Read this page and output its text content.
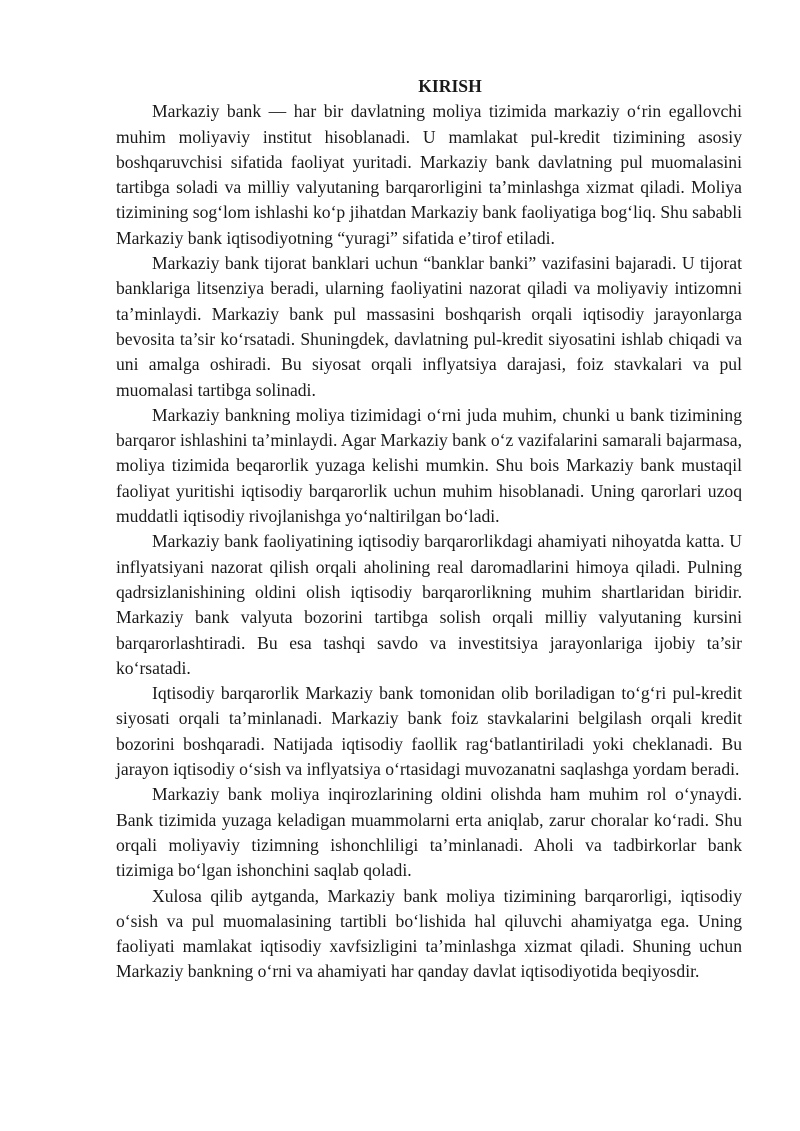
KIRISH

Markaziy bank — har bir davlatning moliya tizimida markaziy o‘rin egallovchi muhim moliyaviy institut hisoblanadi. U mamlakat pul-kredit tizimining asosiy boshqaruvchisi sifatida faoliyat yuritadi. Markaziy bank davlatning pul muomalasini tartibga soladi va milliy valyutaning barqarorligini ta’minlashga xizmat qiladi. Moliya tizimining sog‘lom ishlashi ko‘p jihatdan Markaziy bank faoliyatiga bog‘liq. Shu sababli Markaziy bank iqtisodiyotning “yuragi” sifatida e’tirof etiladi.

Markaziy bank tijorat banklari uchun “banklar banki” vazifasini bajaradi. U tijorat banklariga litsenziya beradi, ularning faoliyatini nazorat qiladi va moliyaviy intizomni ta’minlaydi. Markaziy bank pul massasini boshqarish orqali iqtisodiy jarayonlarga bevosita ta’sir ko‘rsatadi. Shuningdek, davlatning pul-kredit siyosatini ishlab chiqadi va uni amalga oshiradi. Bu siyosat orqali inflyatsiya darajasi, foiz stavkalari va pul muomalasi tartibga solinadi.

Markaziy bankning moliya tizimidagi o‘rni juda muhim, chunki u bank tizimining barqaror ishlashini ta’minlaydi. Agar Markaziy bank o‘z vazifalarini samarali bajarmasa, moliya tizimida beqarorlik yuzaga kelishi mumkin. Shu bois Markaziy bank mustaqil faoliyat yuritishi iqtisodiy barqarorlik uchun muhim hisoblanadi. Uning qarorlari uzoq muddatli iqtisodiy rivojlanishga yo‘naltirilgan bo‘ladi.

Markaziy bank faoliyatining iqtisodiy barqarorlikdagi ahamiyati nihoyatda katta. U inflyatsiyani nazorat qilish orqali aholining real daromadlarini himoya qiladi. Pulning qadrsizlanishining oldini olish iqtisodiy barqarorlikning muhim shartlaridan biridir. Markaziy bank valyuta bozorini tartibga solish orqali milliy valyutaning kursini barqarorlashtiradi. Bu esa tashqi savdo va investitsiya jarayonlariga ijobiy ta’sir ko‘rsatadi.

Iqtisodiy barqarorlik Markaziy bank tomonidan olib boriladigan to‘g‘ri pul-kredit siyosati orqali ta’minlanadi. Markaziy bank foiz stavkalarini belgilash orqali kredit bozorini boshqaradi. Natijada iqtisodiy faollik rag‘batlantiriladi yoki cheklanadi. Bu jarayon iqtisodiy o‘sish va inflyatsiya o‘rtasidagi muvozanatni saqlashga yordam beradi.

Markaziy bank moliya inqirozlarining oldini olishda ham muhim rol o‘ynaydi. Bank tizimida yuzaga keladigan muammolarni erta aniqlab, zarur choralar ko‘radi. Shu orqali moliyaviy tizimning ishonchliligi ta’minlanadi. Aholi va tadbirkorlar bank tizimiga bo‘lgan ishonchini saqlab qoladi.

Xulosa qilib aytganda, Markaziy bank moliya tizimining barqarorligi, iqtisodiy o‘sish va pul muomalasining tartibli bo‘lishida hal qiluvchi ahamiyatga ega. Uning faoliyati mamlakat iqtisodiy xavfsizligini ta’minlashga xizmat qiladi. Shuning uchun Markaziy bankning o‘rni va ahamiyati har qanday davlat iqtisodiyotida beqiyosdir.
